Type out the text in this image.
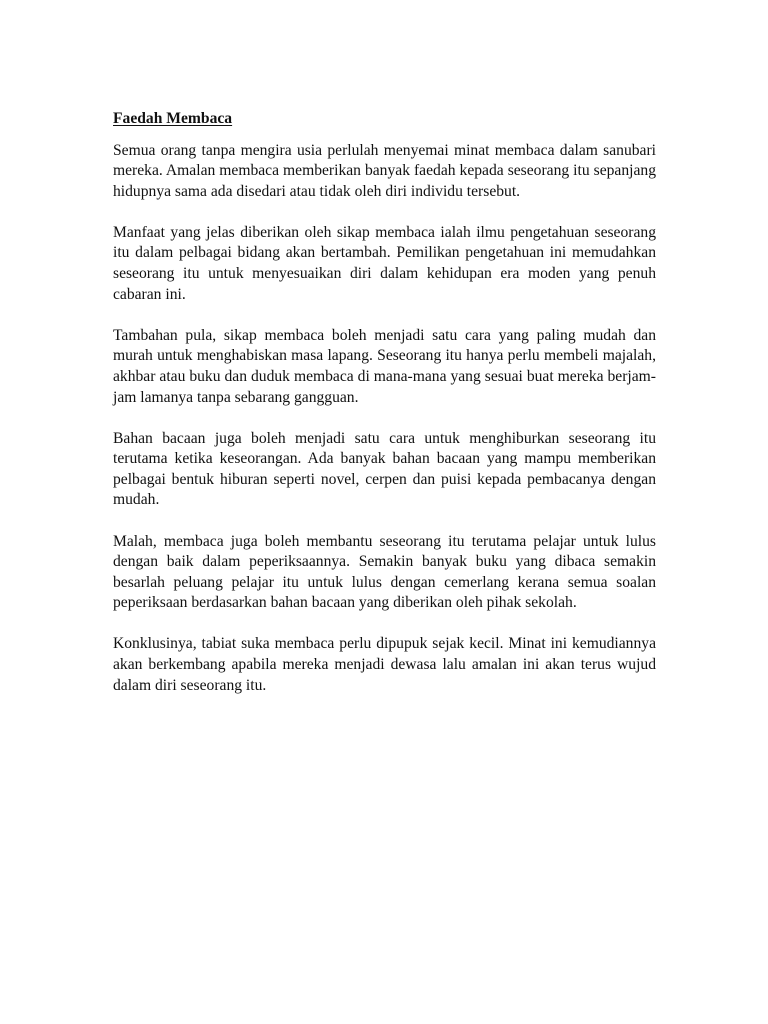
Faedah Membaca

Semua orang tanpa mengira usia perlulah menyemai minat membaca dalam sanubari mereka. Amalan membaca memberikan banyak faedah kepada seseorang itu sepanjang hidupnya sama ada disedari atau tidak oleh diri individu tersebut.

Manfaat yang jelas diberikan oleh sikap membaca ialah ilmu pengetahuan seseorang itu dalam pelbagai bidang akan bertambah. Pemilikan pengetahuan ini memudahkan seseorang itu untuk menyesuaikan diri dalam kehidupan era moden yang penuh cabaran ini.

Tambahan pula, sikap membaca boleh menjadi satu cara yang paling mudah dan murah untuk menghabiskan masa lapang. Seseorang itu hanya perlu membeli majalah, akhbar atau buku dan duduk membaca di mana-mana yang sesuai buat mereka berjam-jam lamanya tanpa sebarang gangguan.

Bahan bacaan juga boleh menjadi satu cara untuk menghiburkan seseorang itu terutama ketika keseorangan. Ada banyak bahan bacaan yang mampu memberikan pelbagai bentuk hiburan seperti novel, cerpen dan puisi kepada pembacanya dengan mudah.

Malah, membaca juga boleh membantu seseorang itu terutama pelajar untuk lulus dengan baik dalam peperiksaannya. Semakin banyak buku yang dibaca semakin besarlah peluang pelajar itu untuk lulus dengan cemerlang kerana semua soalan peperiksaan berdasarkan bahan bacaan yang diberikan oleh pihak sekolah.

Konklusinya, tabiat suka membaca perlu dipupuk sejak kecil. Minat ini kemudiannya akan berkembang apabila mereka menjadi dewasa lalu amalan ini akan terus wujud dalam diri seseorang itu.
